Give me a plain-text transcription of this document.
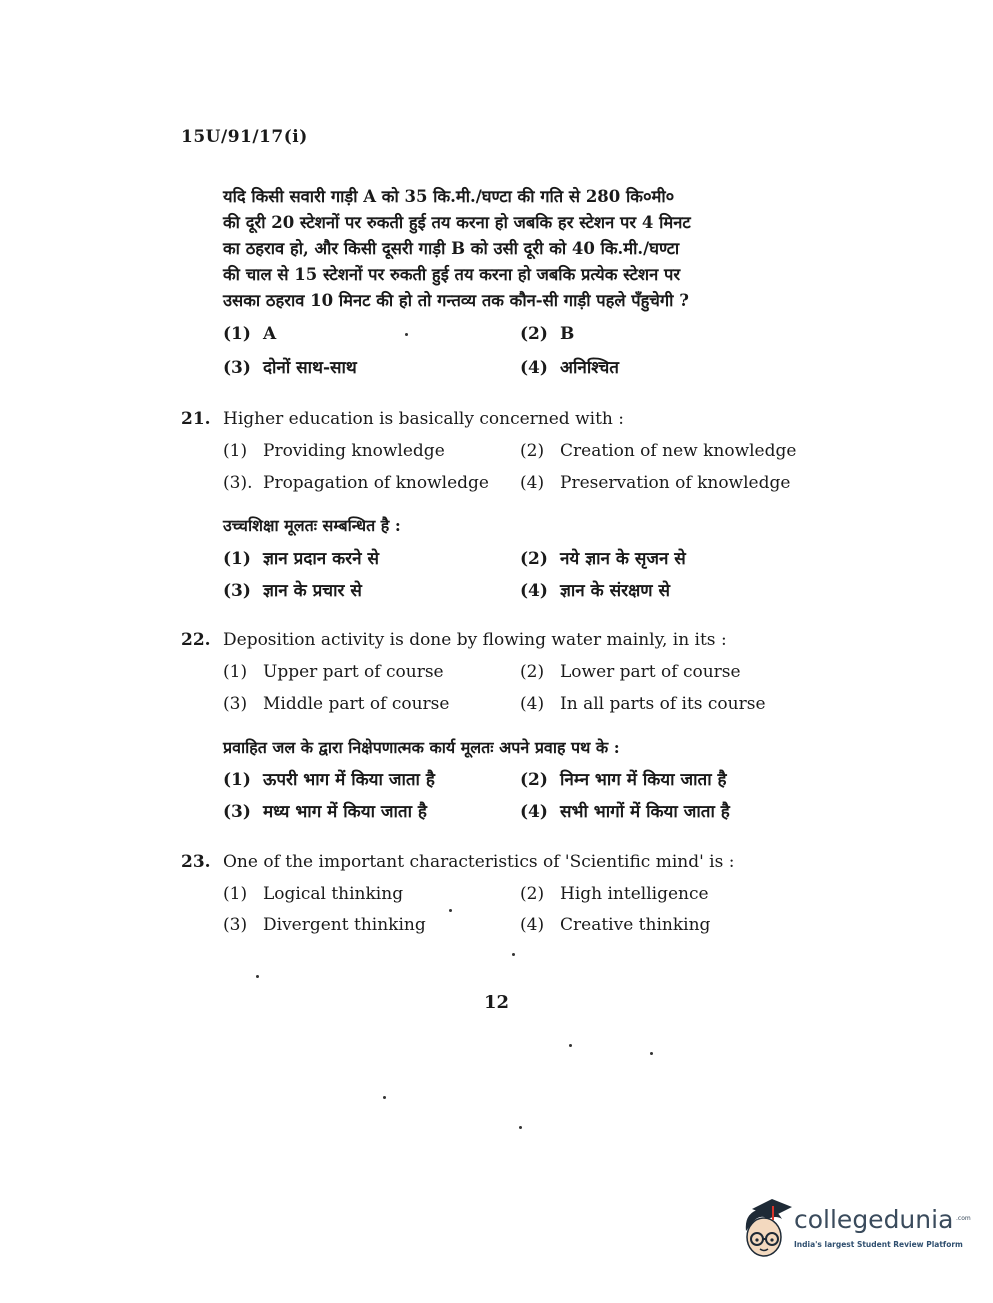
15U/91/17(i)
यदि किसी सवारी गाड़ी A को 35 कि.मी./घण्टा की गति से 280 कि०मी०
की दूरी 20 स्टेशनों पर रुकती हुई तय करना हो जबकि हर स्टेशन पर 4 मिनट
का ठहराव हो, और किसी दूसरी गाड़ी B को उसी दूरी को 40 कि.मी./घण्टा
की चाल से 15 स्टेशनों पर रुकती हुई तय करना हो जबकि प्रत्येक स्टेशन पर
उसका ठहराव 10 मिनट की हो तो गन्तव्य तक कौन-सी गाड़ी पहले पँहुचेगी ?
(1) A	(2) B
(3) दोनों साथ-साथ	(4) अनिश्चित
21. Higher education is basically concerned with :
(1) Providing knowledge	(2) Creation of new knowledge
(3). Propagation of knowledge (4) Preservation of knowledge
उच्चशिक्षा मूलतः सम्बन्धित है :
(1) ज्ञान प्रदान करने से	(2) नये ज्ञान के सृजन से
(3) ज्ञान के प्रचार से	(4) ज्ञान के संरक्षण से
22. Deposition activity is done by flowing water mainly, in its :
(1) Upper part of course	(2) Lower part of course
(3) Middle part of course	(4) In all parts of its course
प्रवाहित जल के द्वारा निक्षेपणात्मक कार्य मूलतः अपने प्रवाह पथ के :
(1) ऊपरी भाग में किया जाता है	(2) निम्न भाग में किया जाता है
(3) मध्य भाग में किया जाता है	(4) सभी भागों में किया जाता है
23. One of the important characteristics of 'Scientific mind' is :
(1) Logical thinking	(2) High intelligence
(3) Divergent thinking	(4) Creative thinking
12
collegedunia .com
India's largest Student Review Platform
